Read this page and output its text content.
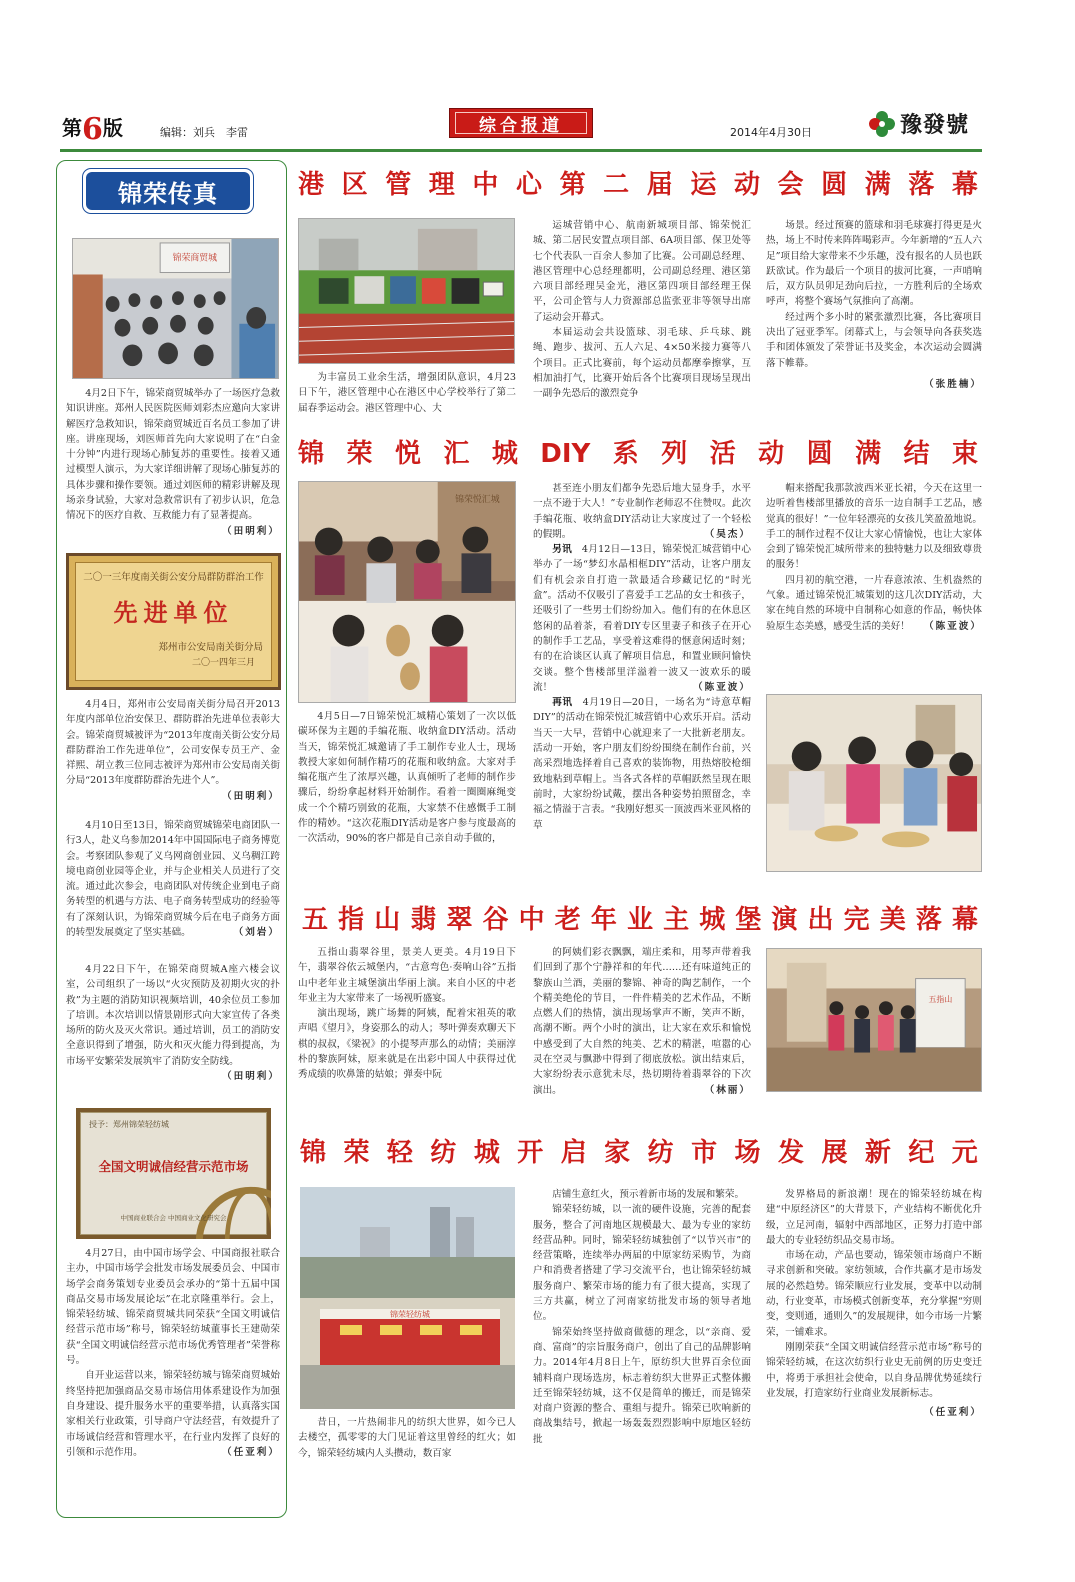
第6版	编辑：刘兵　李雷	综合报道	2014年4月30日	豫發號
锦荣传真
锦荣商贸城

4月2日下午，锦荣商贸城举办了一场医疗急救知识讲座。郑州人民医院医师刘彩杰应邀向大家讲解医疗急救知识，锦荣商贸城近百名员工参加了讲座。讲座现场，刘医师首先向大家说明了在“白金十分钟”内进行现场心肺复苏的重要性。接着又通过模型人演示，为大家详细讲解了现场心肺复苏的具体步骤和操作要领。通过刘医师的精彩讲解及现场亲身试验，大家对急救常识有了初步认识，危急情况下的医疗自救、互救能力有了显著提高。
（田明利）

二〇一三年度南关街公安分局群防群治工作
先进单位
郑州市公安局南关街分局
二〇一四年三月

4月4日，郑州市公安局南关街分局召开2013年度内部单位治安保卫、群防群治先进单位表彰大会。锦荣商贸城被评为“2013年度南关街公安分局群防群治工作先进单位”，公司安保专员王产、金祥熙、胡立教三位同志被评为郑州市公安局南关街分局“2013年度群防群治先进个人”。
（田明利）

4月10日至13日，锦荣商贸城锦荣电商团队一行3人，赴义乌参加2014年中国国际电子商务博览会。考察团队参观了义乌网商创业园、义乌稠江跨境电商创业园等企业，并与企业相关人员进行了交流。通过此次参会，电商团队对传统企业到电子商务转型的机遇与方法、电子商务转型成功的经验等有了深刻认识，为锦荣商贸城今后在电子商务方面的转型发展奠定了坚实基础。	（刘岩）

4月22日下午，在锦荣商贸城A座六楼会议室，公司组织了一场以“火灾预防及初期火灾的扑救”为主题的消防知识视频培训，40余位员工参加了培训。本次培训以情景剧形式向大家宣传了各类场所的防火及灭火常识。通过培训，员工的消防安全意识得到了增强，防火和灭火能力得到提高，为市场平安繁荣发展筑牢了消防安全防线。
（田明利）

授予：郑州锦荣轻纺城
全国文明诚信经营示范市场
中国商业联合会 中国商业文化研究会

4月27日，由中国市场学会、中国商报社联合主办，中国市场学会批发市场发展委员会、中国市场学会商务策划专业委员会承办的“第十五届中国商品交易市场发展论坛”在北京隆重举行。会上，锦荣轻纺城、锦荣商贸城共同荣获“全国文明诚信经营示范市场”称号，锦荣轻纺城董事长王建勋荣获“全国文明诚信经营示范市场优秀管理者”荣誉称号。

自开业运营以来，锦荣轻纺城与锦荣商贸城始终坚持把加强商品交易市场信用体系建设作为加强自身建设、提升服务水平的重要举措，认真落实国家相关行业政策，引导商户守法经营，有效提升了市场诚信经营和管理水平，在行业内发挥了良好的引领和示范作用。	（任亚利）

港 区 管 理 中 心 第 二 届 运 动 会 圆 满 落 幕

为丰富员工业余生活，增强团队意识，4月23日下午，港区管理中心在港区中心学校举行了第二届春季运动会。港区管理中心、大

运城营销中心、航南新城项目部、锦荣悦汇城、第二居民安置点项目部、6A项目部、保卫处等七个代表队一百余人参加了比赛。公司副总经理、港区管理中心总经理都明，公司副总经理、港区第六项目部经理吴金光，港区第四项目部经理王保平，公司企管与人力资源部总监张亚非等领导出席了运动会开幕式。

本届运动会共设篮球、羽毛球、乒乓球、跳绳、跑步、拔河、五人六足、4×50米接力赛等八个项目。正式比赛前，每个运动员都摩拳擦掌，互相加油打气，比赛开始后各个比赛项目现场呈现出一副争先恐后的激烈竞争

场景。经过预赛的篮球和羽毛球赛打得更是火热，场上不时传来阵阵喝彩声。今年新增的“五人六足”项目给大家带来不少乐趣，没有报名的人员也跃跃欲试。作为最后一个项目的拔河比赛，一声哨响后，双方队员卯足劲向后拉，一方胜利后的全场欢呼声，将整个赛场气氛推向了高潮。

经过两个多小时的紧张激烈比赛，各比赛项目决出了冠亚季军。闭幕式上，与会领导向各获奖选手和团体颁发了荣誉证书及奖金，本次运动会圆满落下帷幕。

（张胜楠）
锦 荣 悦 汇 城 DIY 系 列 活 动 圆 满 结 束
锦荣悦汇城

4月5日—7日锦荣悦汇城精心策划了一次以低碳环保为主题的手编花瓶、收纳盒DIY活动。活动当天，锦荣悦汇城邀请了手工制作专业人士，现场教授大家如何制作精巧的花瓶和收纳盒。大家对手编花瓶产生了浓厚兴趣，认真倾听了老师的制作步骤后，纷纷拿起材料开始制作。看着一圈圈麻绳变成一个个精巧别致的花瓶，大家禁不住感慨手工制作的精妙。“这次花瓶DIY活动是客户参与度最高的一次活动，90%的客户都是自己亲自动手做的，

甚至连小朋友们都争先恐后地大显身手，水平一点不逊于大人！”专业制作老师忍不住赞叹。此次手编花瓶、收纳盒DIY活动让大家度过了一个轻松的假期。	（吴杰）

另讯　 4月12日—13日，锦荣悦汇城营销中心举办了一场“梦幻水晶相框DIY”活动，让客户朋友们有机会亲自打造一款最适合珍藏记忆的“时光盒”。活动不仅吸引了喜爱手工艺品的女士和孩子，还吸引了一些男士们纷纷加入。他们有的在休息区悠闲的品着茶，看着DIY专区里妻子和孩子在开心的制作手工艺品，享受着这难得的惬意闲适时刻；有的在洽谈区认真了解项目信息，和置业顾问愉快交谈。整个售楼部里洋溢着一波又一波欢乐的暖流！	（陈亚波）

再讯　 4月19日—20日，一场名为“诗意草帽DIY”的活动在锦荣悦汇城营销中心欢乐开启。活动当天一大早，营销中心就迎来了一大批新老朋友。活动一开始，客户朋友们纷纷围绕在制作台前，兴高采烈地选择着自己喜欢的装饰物，用热熔胶枪细致地粘到草帽上。当各式各样的草帽跃然呈现在眼前时，大家纷纷试戴，摆出各种姿势拍照留念，幸福之情溢于言表。“我刚好想买一顶波西米亚风格的草

帽来搭配我那款波西米亚长裙，今天在这里一边听着售楼部里播放的音乐一边自制手工艺品，感觉真的很好！”一位年轻漂亮的女孩儿笑盈盈地说。手工的制作过程不仅让大家心情愉悦，也让大家体会到了锦荣悦汇城所带来的独特魅力以及细致尊贵的服务！

四月初的航空港，一片春意浓浓、生机盎然的气象。通过锦荣悦汇城策划的这几次DIY活动，大家在纯自然的环境中自制称心如意的作品，畅快体验原生态美感，感受生活的美好！ （陈亚波）

五 指 山 翡 翠 谷 中 老 年 业 主 城 堡 演 出 完 美 落 幕

五指山翡翠谷里，景美人更美。4月19日下午，翡翠谷依云城堡内，“古意弯色·奏响山谷”五指山中老年业主城堡演出华丽上演。来自小区的中老年业主为大家带来了一场视听盛宴。

演出现场，跳广场舞的阿姨，配着宋祖英的歌声唱《望月》，身姿那么的动人；琴叶弹奏欢聊天下棋的叔叔，《梁祝》的小提琴声那么的动情；美丽淳朴的黎族阿妹，原来就是在出彩中国人中获得过优秀成绩的吹鼻箫的姑娘；弹奏中阮

的阿姨们彩衣飘飘，端庄柔和，用琴声带着我们回到了那个宁静祥和的年代……还有味道纯正的黎族山兰酒，美丽的黎锦、神奇的陶艺制作，一个个精美绝伦的节目，一件件精美的艺术作品，不断点燃人们的热情，演出现场掌声不断，笑声不断，高潮不断。两个小时的演出，让大家在欢乐和愉悦中感受到了大自然的纯美、艺术的精湛，喧嚣的心灵在空灵与飘渺中得到了彻底放松。演出结束后，大家纷纷表示意犹未尽，热切期待着翡翠谷的下次演出。	（林丽）

五指山
锦 荣 轻 纺 城 开 启 家 纺 市 场 发 展 新 纪 元
锦荣轻纺城

昔日，一片热闹非凡的纺织大世界，如今已人去楼空，孤零零的大门见证着这里曾经的红火；如今，锦荣轻纺城内人头攒动，数百家

店铺生意红火，预示着新市场的发展和繁荣。

锦荣轻纺城，以一流的硬件设施，完善的配套服务，整合了河南地区规模最大、最为专业的家纺经营品种。同时，锦荣轻纺城独创了“以节兴市”的经营策略，连续举办两届的中原家纺采购节，为商户和消费者搭建了学习交流平台，也让锦荣轻纺城服务商户、繁荣市场的能力有了很大提高，实现了三方共赢，树立了河南家纺批发市场的领导者地位。

锦荣始终坚持做商做德的理念，以“亲商、爱商、富商”的宗旨服务商户，创出了自己的品牌影响力。2014年4月8日上午，原纺织大世界百余位面辅料商户现场选房，标志着纺织大世界正式整体搬迁至锦荣轻纺城，这不仅是简单的搬迁，而是锦荣对商户资源的整合、重组与提升。锦荣已吹响新的商战集结号，掀起一场轰轰烈烈影响中原地区轻纺批

发界格局的新浪潮！现在的锦荣轻纺城在构建“中原经济区”的大背景下，产业结构不断优化升级，立足河南，辐射中西部地区，正努力打造中部最大的专业轻纺织品交易市场。

市场在动，产品也要动，锦荣领市场商户不断寻求创新和突破。家纺领域，合作共赢才是市场发展的必然趋势。锦荣顺应行业发展，变革中以动制动，行业变革，市场模式创新变革，充分掌握“穷则变，变则通，通则久”的发展规律，如今市场一片繁荣，一铺难求。

刚刚荣获“全国文明诚信经营示范市场”称号的锦荣轻纺城，在这次纺织行业史无前例的历史变迁中，将勇于承担社会使命，以自身品牌优势延续行业发展，打造家纺行业商业发展新标志。

（任亚利）
